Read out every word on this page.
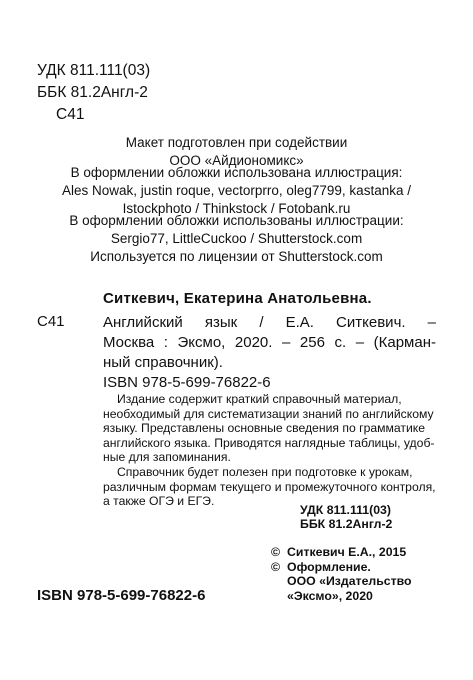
УДК 811.111(03)
ББК 81.2Англ-2
С41
Макет подготовлен при содействии
ООО «Айдиономикс»
В оформлении обложки использована иллюстрация:
Ales Nowak, justin roque, vectorprro, oleg7799, kastanka /
Istockphoto / Thinkstock / Fotobank.ru
В оформлении обложки использованы иллюстрации:
Sergio77, LittleCuckoo / Shutterstock.com
Используется по лицензии от Shutterstock.com
Ситкевич, Екатерина Анатольевна.
С41	Английский язык / Е.А. Ситкевич. –
Москва : Эксмо, 2020. – 256 с. – (Карман-
ный справочник).
ISBN 978-5-699-76822-6
Издание содержит краткий справочный материал,
необходимый для систематизации знаний по английскому
языку. Представлены основные сведения по грамматике
английского языка. Приводятся наглядные таблицы, удоб-
ные для запоминания.
Справочник будет полезен при подготовке к урокам,
различным формам текущего и промежуточного контроля,
а также ОГЭ и ЕГЭ.
УДК 811.111(03)
ББК 81.2Англ-2
© Ситкевич Е.А., 2015
© Оформление.
ООО «Издательство
«Эксмо», 2020
ISBN 978-5-699-76822-6
